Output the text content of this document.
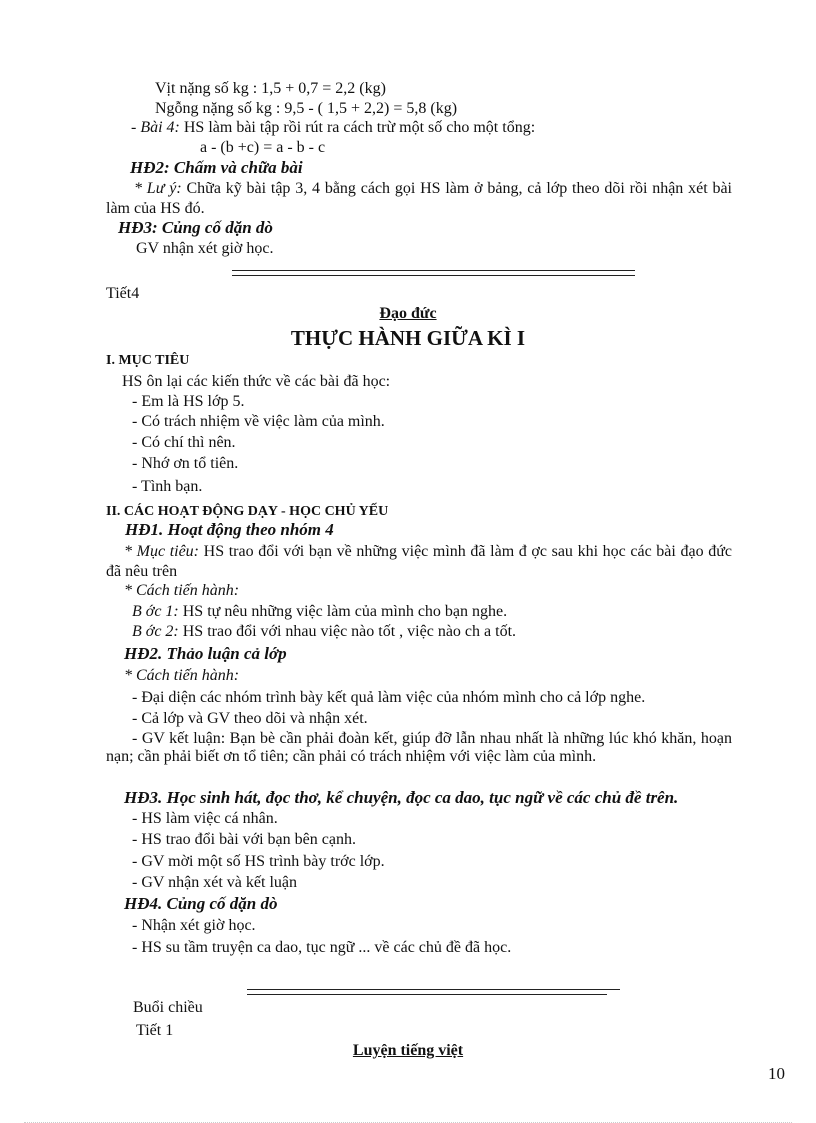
Vịt nặng số kg : 1,5 + 0,7 = 2,2 (kg)
Ngỗng nặng số kg : 9,5 - ( 1,5 + 2,2) = 5,8 (kg)
- Bài 4: HS làm bài tập rồi rút ra cách trừ một số cho một tổng:
a - (b +c) = a - b - c
HĐ2: Chấm và chữa bài
* Lư ý: Chữa kỹ bài tập 3, 4 bằng cách gọi HS làm ở bảng, cả lớp theo dõi rồi nhận xét bài làm của HS đó.
HĐ3: Củng cố dặn dò
GV nhận xét giờ học.
Tiết4
Đạo đức
THỰC HÀNH GIỮA KÌ I
I. MỤC TIÊU
HS ôn lại các kiến thức về các bài đã học:
- Em là HS lớp 5.
- Có trách nhiệm về việc làm của mình.
- Có chí thì nên.
- Nhớ ơn tổ tiên.
- Tình bạn.
II. CÁC HOẠT ĐỘNG DẠY - HỌC CHỦ YẾU
HĐ1. Hoạt động theo nhóm 4
* Mục tiêu: HS trao đổi với bạn về những việc mình đã làm đ ợc sau khi học các bài đạo đức đã nêu trên
* Cách tiến hành:
B ớc 1: HS tự nêu những việc làm của mình cho bạn nghe.
B ớc 2: HS trao đổi với nhau việc nào tốt , việc nào ch a tốt.
HĐ2. Thảo luận cả lớp
* Cách tiến hành:
- Đại diện các nhóm trình bày kết quả làm việc của nhóm mình cho cả lớp nghe.
- Cả lớp và GV theo dõi và nhận xét.
- GV kết luận: Bạn bè cần phải đoàn kết, giúp đỡ lẫn nhau nhất là những lúc khó khăn, hoạn nạn; cần phải biết ơn tổ tiên; cần phải có trách nhiệm với việc làm của mình.
HĐ3. Học sinh hát, đọc thơ, kể chuyện, đọc ca dao, tục ngữ về các chủ đề trên.
- HS làm việc cá nhân.
- HS trao đổi bài với bạn bên cạnh.
- GV mời một số HS trình bày trớc lớp.
- GV nhận xét và kết luận
HĐ4. Củng cố dặn dò
- Nhận xét giờ học.
- HS su tầm truyện ca dao, tục ngữ ... về các chủ đề đã học.
Buổi chiều
Tiết 1
Luyện tiếng việt
10
